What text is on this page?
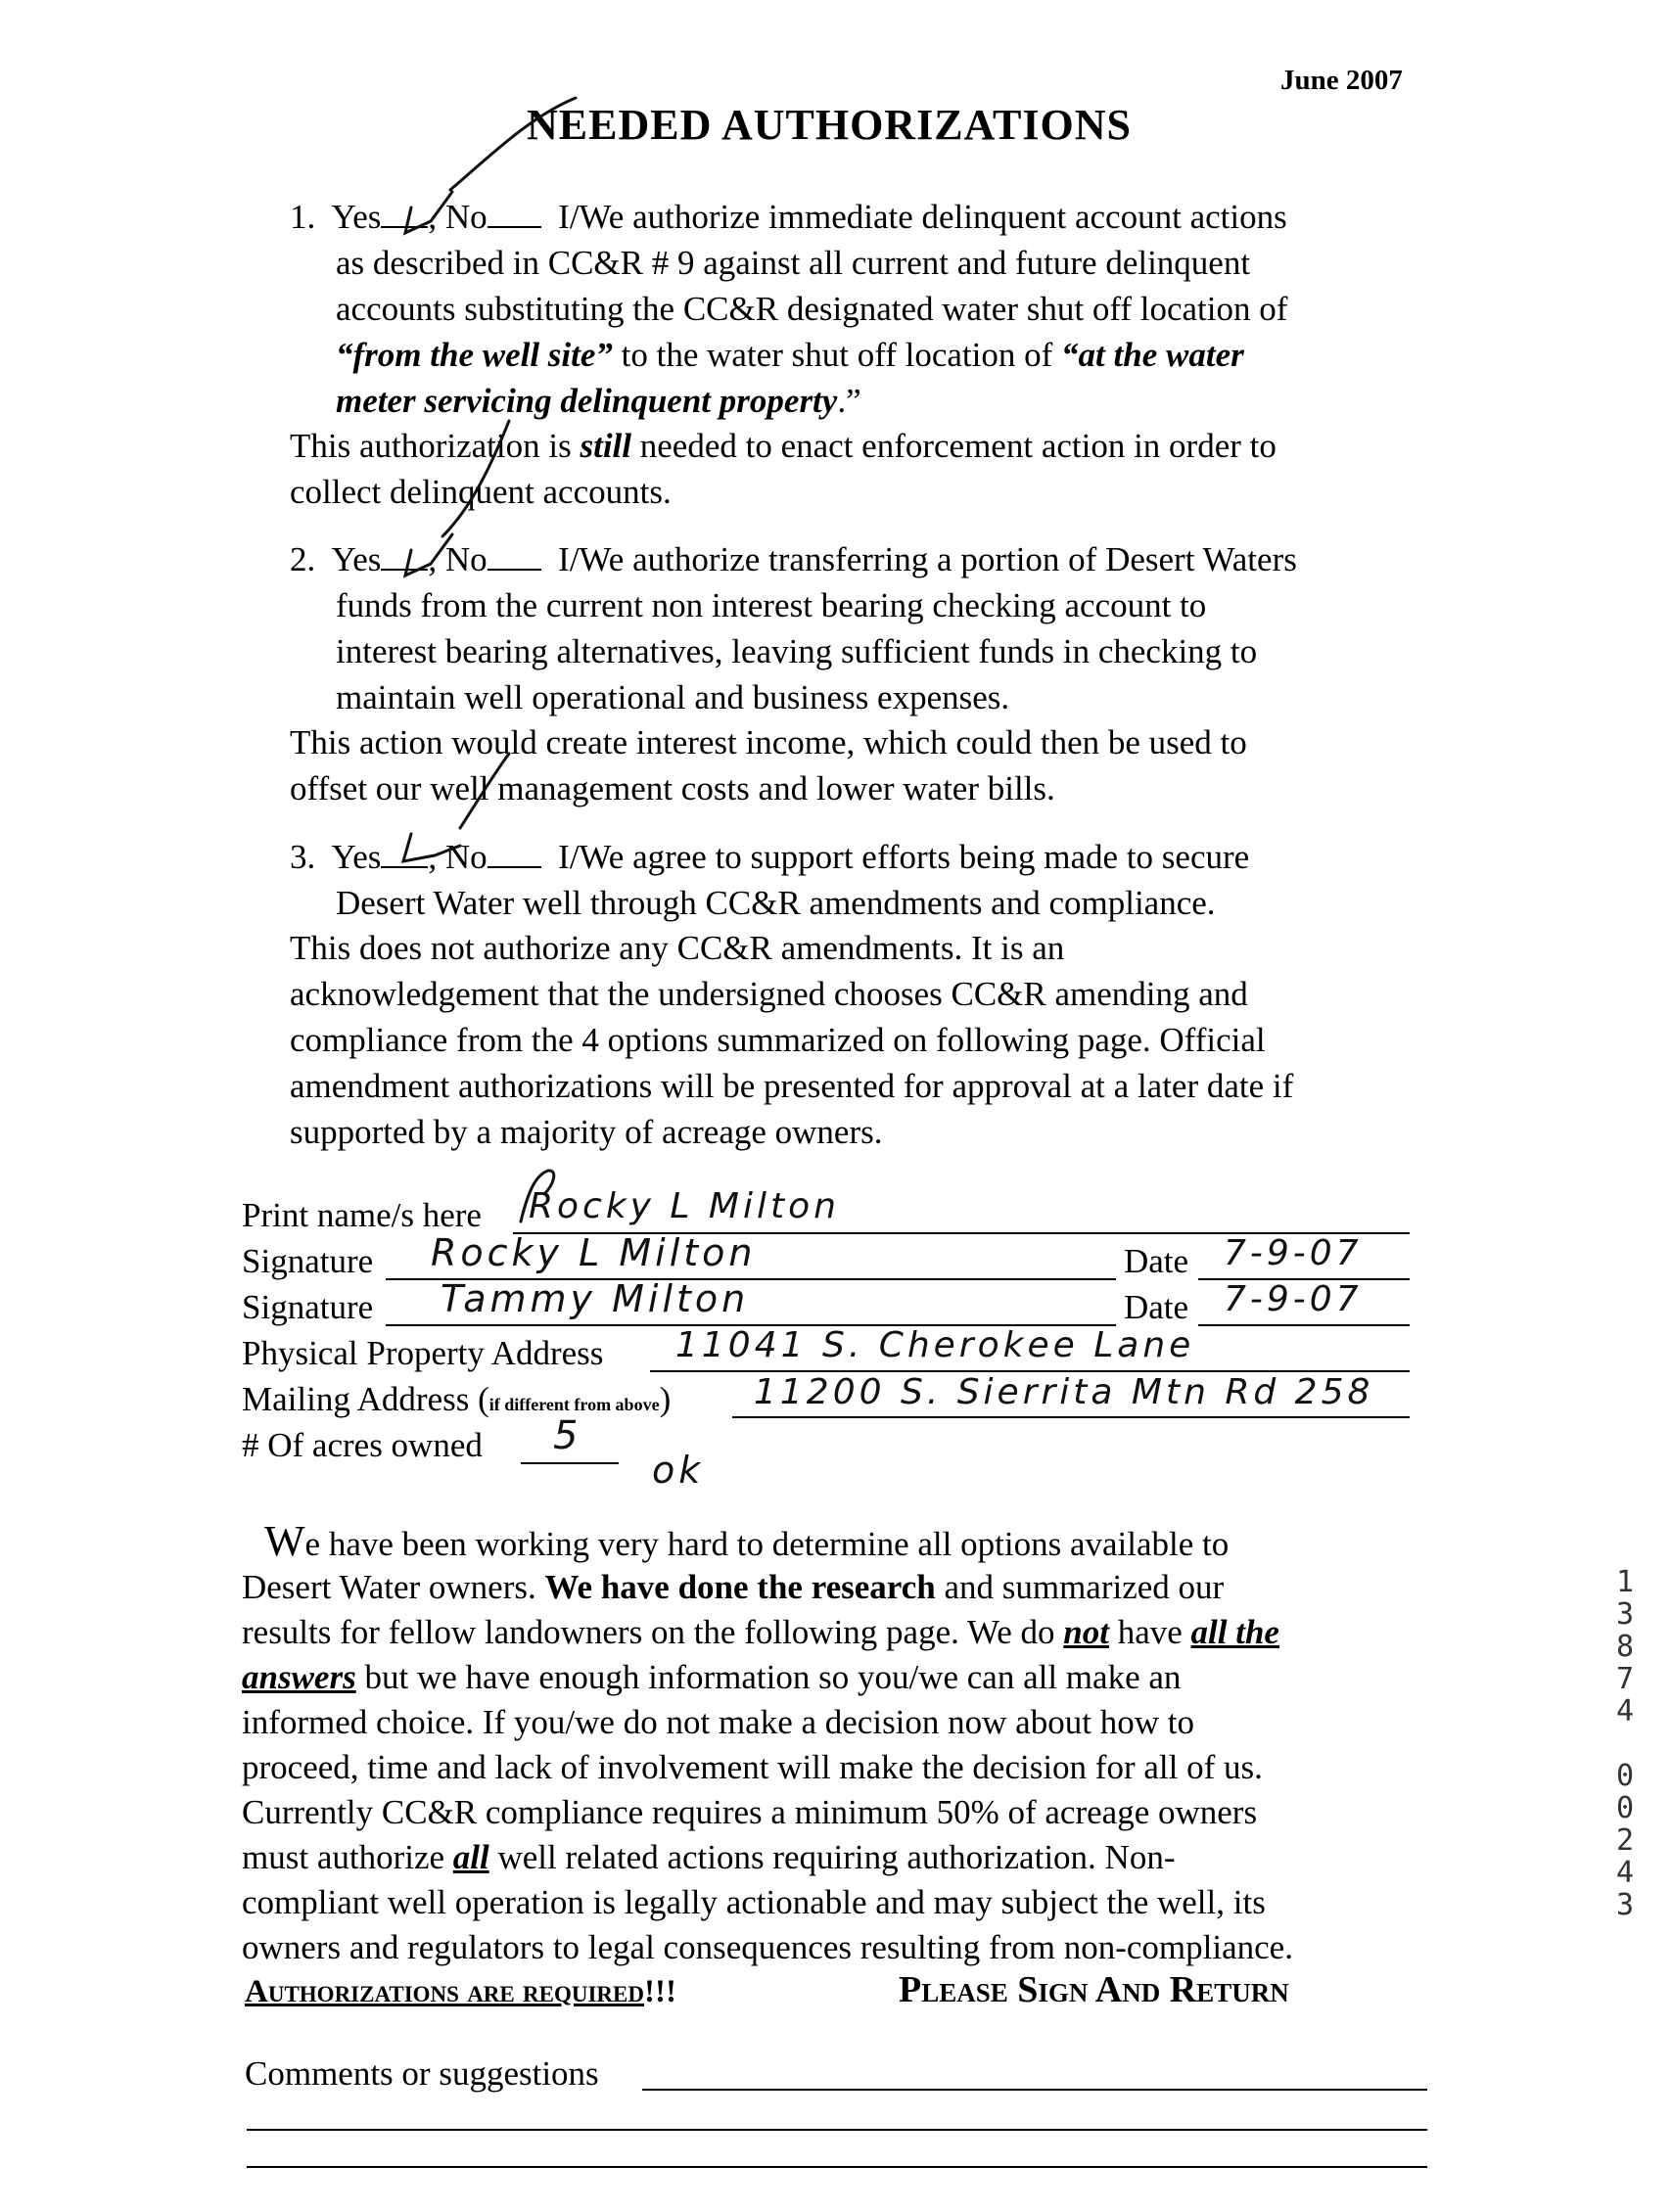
June 2007
NEEDED AUTHORIZATIONS
1. Yes , No I/We authorize immediate delinquent account actions
as described in CC&R # 9 against all current and future delinquent
accounts substituting the CC&R designated water shut off location of
“from the well site” to the water shut off location of “at the water
meter servicing delinquent property.”
This authorization is still needed to enact enforcement action in order to
collect delinquent accounts.
2. Yes , No I/We authorize transferring a portion of Desert Waters
funds from the current non interest bearing checking account to
interest bearing alternatives, leaving sufficient funds in checking to
maintain well operational and business expenses.
This action would create interest income, which could then be used to
offset our well management costs and lower water bills.
3. Yes , No I/We agree to support efforts being made to secure
Desert Water well through CC&R amendments and compliance.
This does not authorize any CC&R amendments. It is an
acknowledgement that the undersigned chooses CC&R amending and
compliance from the 4 options summarized on following page. Official
amendment authorizations will be presented for approval at a later date if
supported by a majority of acreage owners.
Print name/s here Rocky L Milton
Signature Rocky L Milton	Date 7-9-07
Signature Tammy Milton	Date 7-9-07
Physical Property Address 11041 S. Cherokee Lane
Mailing Address (if different from above) 11200 S. Sierrita Mtn Rd 258
# Of acres owned 5
ok
We have been working very hard to determine all options available to
Desert Water owners. We have done the research and summarized our
results for fellow landowners on the following page. We do not have all the
answers but we have enough information so you/we can all make an
informed choice. If you/we do not make a decision now about how to
proceed, time and lack of involvement will make the decision for all of us.
Currently CC&R compliance requires a minimum 50% of acreage owners
must authorize all well related actions requiring authorization. Non-
compliant well operation is legally actionable and may subject the well, its
owners and regulators to legal consequences resulting from non-compliance.
Authorizations are required!!!	Please Sign And Return
Comments or suggestions
1
3
8
7
4
0
0
2
4
3
